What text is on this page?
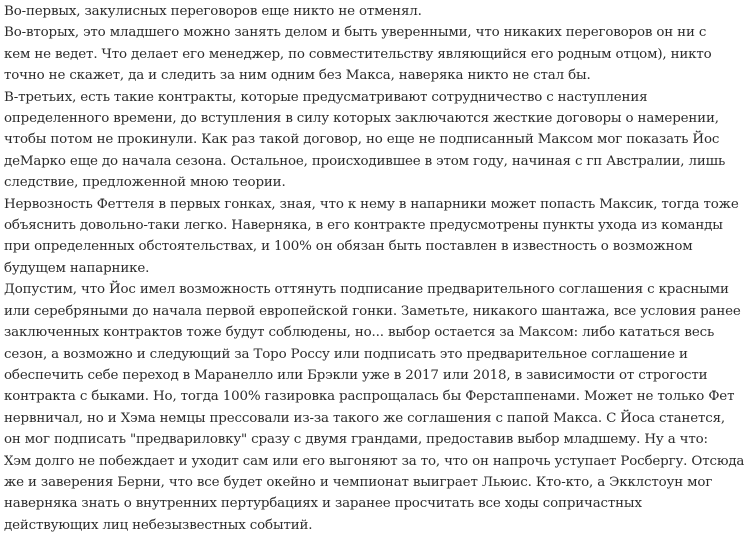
Во-первых, закулисных переговоров еще никто не отменял.

Во-вторых, это младшего можно занять делом и быть уверенными, что никаких переговоров он ни с
кем не ведет. Что делает его менеджер, по совместительству являющийся его родным отцом), никто
точно не скажет, да и следить за ним одним без Макса, наверяка никто не стал бы.

В-третьих, есть такие контракты, которые предусматривают сотрудничество с наступления
определенного времени, до вступления в силу которых заключаются жесткие договоры о намерении,
чтобы потом не прокинули. Как раз такой договор, но еще не подписанный Максом мог показать Йос
деМарко еще до начала сезона. Остальное, происходившее в этом году, начиная с гп Австралии, лишь
следствие, предложенной мною теории.

Нервозность Феттеля в первых гонках, зная, что к нему в напарники может попасть Максик, тогда тоже
объяснить довольно-таки легко. Наверняка, в его контракте предусмотрены пункты ухода из команды
при определенных обстоятельствах, и 100% он обязан быть поставлен в известность о возможном
будущем напарнике.

Допустим, что Йос имел возможность оттянуть подписание предварительного соглашения с красными
или серебряными до начала первой европейской гонки. Заметьте, никакого шантажа, все условия ранее
заключенных контрактов тоже будут соблюдены, но... выбор остается за Максом: либо кататься весь
сезон, а возможно и следующий за Торо Россу или подписать это предварительное соглашение и
обеспечить себе переход в Маранелло или Брэкли уже в 2017 или 2018, в зависимости от строгости
контракта с быками. Но, тогда 100% газировка распрощалась бы Ферстаппенами. Может не только Фет
нервничал, но и Хэма немцы прессовали из-за такого же соглашения с папой Макса. С Йоса станется,
он мог подписать "предвариловку" сразу с двумя грандами, предоставив выбор младшему. Ну а что:
Хэм долго не побеждает и уходит сам или его выгоняют за то, что он напрочь уступает Росбергу. Отсюда
же и заверения Берни, что все будет окейно и чемпионат выиграет Льюис. Кто-кто, а Экклстоун мог
наверняка знать о внутренних пертурбациях и заранее просчитать все ходы сопричастных
действующих лиц небезызвестных событий.
